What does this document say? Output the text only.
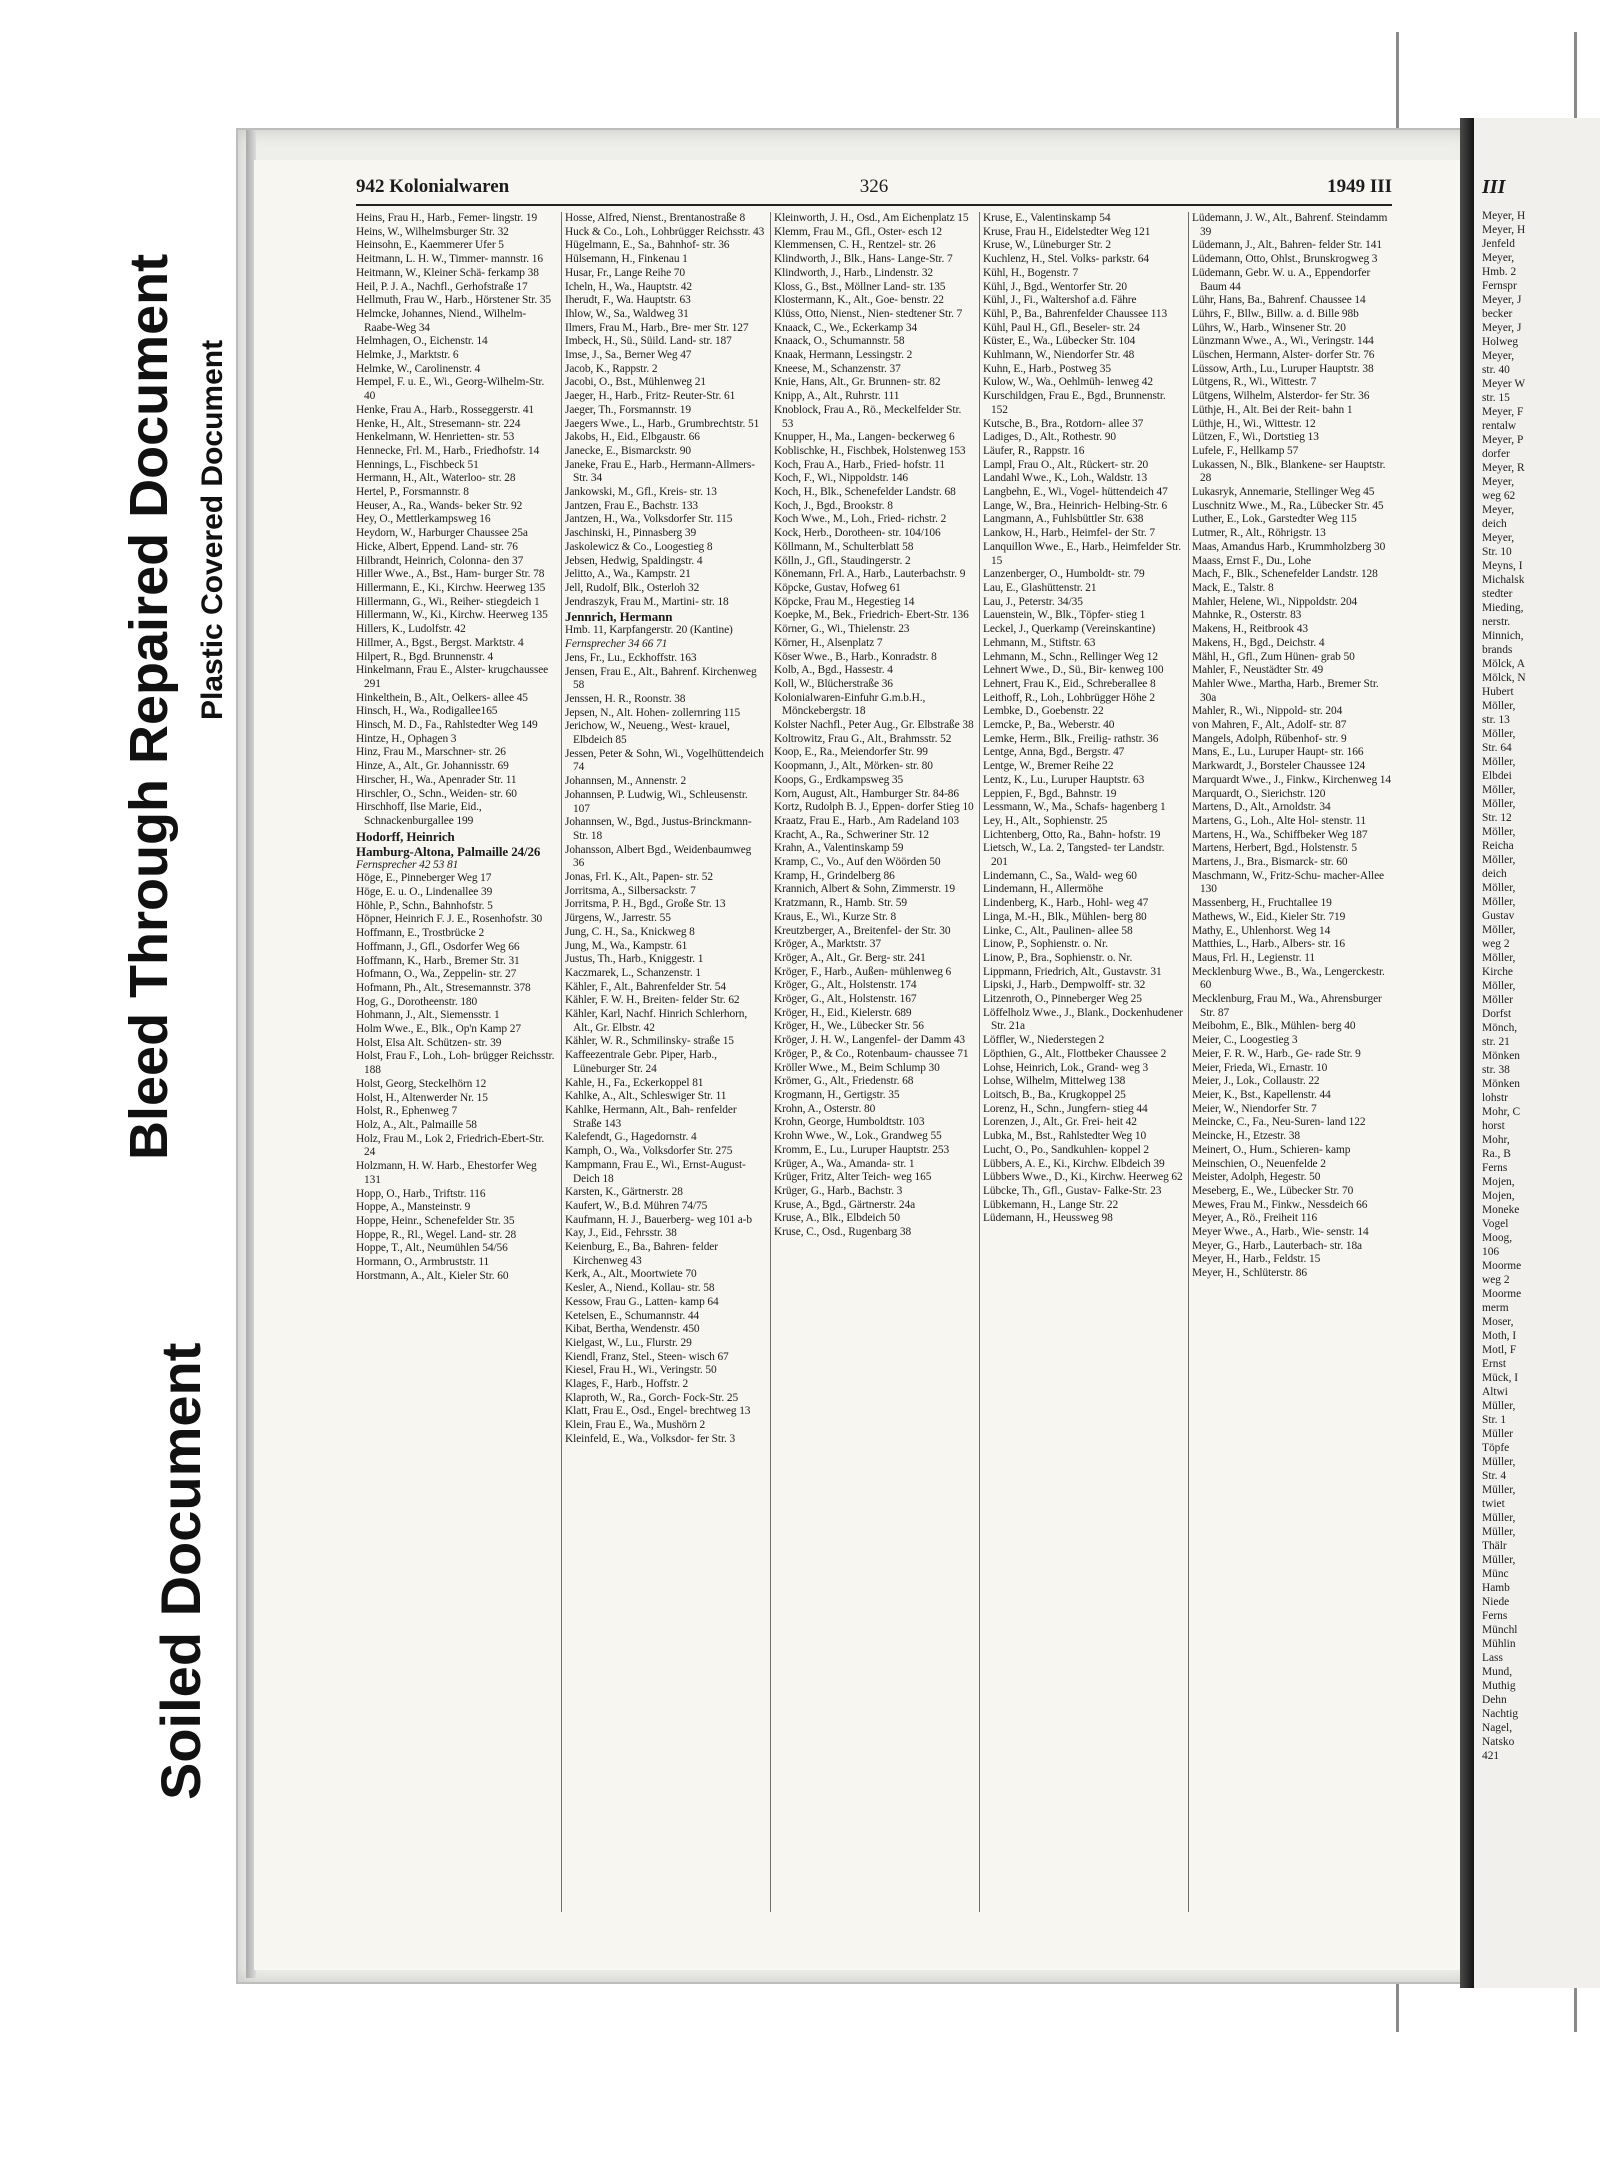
Soiled Document
Bleed Through Repaired Document Plastic Covered Document
III
Meyer, H
Meyer, H
Jenfeld
Meyer,
Hmb. 2
Fernspr
Meyer, J
becker
Meyer, J
Holweg
Meyer,
str. 40
Meyer W
str. 15
Meyer, F
rentalw
Meyer, P
dorfer
Meyer, R
Meyer,
weg 62
Meyer,
deich
Meyer,
Str. 10
Meyns, I
Michalsk
stedter
Mieding,
nerstr.
Minnich,
brands
Mölck, A
Mölck, N
Hubert
Möller,
str. 13
Möller,
Str. 64
Möller,
Elbdei
Möller,
Möller,
Str. 12
Möller,
Reicha
Möller,
deich
Möller,
Möller,
Gustav
Möller,
weg 2
Möller,
Kirche
Möller,
Möller
Dorfst
Mönch,
str. 21
Mönken
str. 38
Mönken
lohstr
Mohr, C
horst
Mohr,
Ra., B
Ferns
Mojen,
Mojen,
Moneke
Vogel
Moog,
106
Moorme
weg 2
Moorme
merm
Moser,
Moth, I
Motl, F
Ernst
Mück, I
Altwi
Müller,
Str. 1
Müller
Töpfe
Müller,
Str. 4
Müller,
twiet
Müller,
Müller,
Thälr
Müller,
Münc
Hamb
Niede
Ferns
Münchl
Mühlin
Lass
Mund,
Muthig
Dehn
Nachtig
Nagel,
Natsko
421
942 Kolonialwaren	326	1949 III
Heins, Frau H., Harb., Femer- lingstr. 19
Heins, W., Wilhelmsburger Str. 32
Heinsohn, E., Kaemmerer Ufer 5
Heitmann, L. H. W., Timmer- mannstr. 16
Heitmann, W., Kleiner Schä- ferkamp 38
Heil, P. J. A., Nachfl., Gerhofstraße 17
Hellmuth, Frau W., Harb., Hörstener Str. 35
Helmcke, Johannes, Niend., Wilhelm-Raabe-Weg 34
Helmhagen, O., Eichenstr. 14
Helmke, J., Marktstr. 6
Helmke, W., Carolinenstr. 4
Hempel, F. u. E., Wi., Georg-Wilhelm-Str. 40
Henke, Frau A., Harb., Rosseggerstr. 41
Henke, H., Alt., Stresemann- str. 224
Henkelmann, W. Henrietten- str. 53
Hennecke, Frl. M., Harb., Friedhofstr. 14
Hennings, L., Fischbeck 51
Hermann, H., Alt., Waterloo- str. 28
Hertel, P., Forsmannstr. 8
Heuser, A., Ra., Wands- beker Str. 92
Hey, O., Mettlerkampsweg 16
Heydorn, W., Harburger Chaussee 25a
Hicke, Albert, Eppend. Land- str. 76
Hilbrandt, Heinrich, Colonna- den 37
Hiller Wwe., A., Bst., Ham- burger Str. 78
Hillermann, E., Ki., Kirchw. Heerweg 135
Hillermann, G., Wi., Reiher- stiegdeich 1
Hillermann, W., Ki., Kirchw. Heerweg 135
Hillers, K., Ludolfstr. 42
Hillmer, A., Bgst., Bergst. Marktstr. 4
Hilpert, R., Bgd. Brunnenstr. 4
Hinkelmann, Frau E., Alster- krugchaussee 291
Hinkelthein, B., Alt., Oelkers- allee 45
Hinsch, H., Wa., Rodigallee165
Hinsch, M. D., Fa., Rahlstedter Weg 149
Hintze, H., Ophagen 3
Hinz, Frau M., Marschner- str. 26
Hinze, A., Alt., Gr. Johannisstr. 69
Hirscher, H., Wa., Apenrader Str. 11
Hirschler, O., Schn., Weiden- str. 60
Hirschhoff, Ilse Marie, Eid., Schnackenburgallee 199
Hodorff, Heinrich
Hamburg-Altona, Palmaille 24/26
Fernsprecher 42 53 81
Höge, E., Pinneberger Weg 17
Höge, E. u. O., Lindenallee 39
Höhle, P., Schn., Bahnhofstr. 5
Höpner, Heinrich F. J. E., Rosenhofstr. 30
Hoffmann, E., Trostbrücke 2
Hoffmann, J., Gfl., Osdorfer Weg 66
Hoffmann, K., Harb., Bremer Str. 31
Hofmann, O., Wa., Zeppelin- str. 27
Hofmann, Ph., Alt., Stresemannstr. 378
Hog, G., Dorotheenstr. 180
Hohmann, J., Alt., Siemensstr. 1
Holm Wwe., E., Blk., Op'n Kamp 27
Holst, Elsa Alt. Schützen- str. 39
Holst, Frau F., Loh., Loh- brügger Reichsstr. 188
Holst, Georg, Steckelhörn 12
Holst, H., Altenwerder Nr. 15
Holst, R., Ephenweg 7
Holz, A., Alt., Palmaille 58
Holz, Frau M., Lok 2, Friedrich-Ebert-Str. 24
Holzmann, H. W. Harb., Ehestorfer Weg 131
Hopp, O., Harb., Triftstr. 116
Hoppe, A., Mansteinstr. 9
Hoppe, Heinr., Schenefelder Str. 35
Hoppe, R., Rl., Wegel. Land- str. 28
Hoppe, T., Alt., Neumühlen 54/56
Hormann, O., Armbruststr. 11
Horstmann, A., Alt., Kieler Str. 60
Hosse, Alfred, Nienst., Brentanostraße 8
Huck & Co., Loh., Lohbrügger Reichsstr. 43
Hügelmann, E., Sa., Bahnhof- str. 36
Hülsemann, H., Finkenau 1
Husar, Fr., Lange Reihe 70
Icheln, H., Wa., Hauptstr. 42
Iherudt, F., Wa. Hauptstr. 63
Ihlow, W., Sa., Waldweg 31
Ilmers, Frau M., Harb., Bre- mer Str. 127
Imbeck, H., Sü., Süild. Land- str. 187
Imse, J., Sa., Berner Weg 47
Jacob, K., Rappstr. 2
Jacobi, O., Bst., Mühlenweg 21
Jaeger, H., Harb., Fritz- Reuter-Str. 61
Jaeger, Th., Forsmannstr. 19
Jaegers Wwe., L., Harb., Grumbrechtstr. 51
Jakobs, H., Eid., Elbgaustr. 66
Janecke, E., Bismarckstr. 90
Janeke, Frau E., Harb., Hermann-Allmers-Str. 34
Jankowski, M., Gfl., Kreis- str. 13
Jantzen, Frau E., Bachstr. 133
Jantzen, H., Wa., Volksdorfer Str. 115
Jaschinski, H., Pinnasberg 39
Jaskolewicz & Co., Loogestieg 8
Jebsen, Hedwig, Spaldingstr. 4
Jelitto, A., Wa., Kampstr. 21
Jell, Rudolf, Blk., Osterloh 32
Jendraszyk, Frau M., Martini- str. 18
Jennrich, Hermann
Hmb. 11, Karpfangerstr. 20 (Kantine)
Fernsprecher 34 66 71
Jens, Fr., Lu., Eckhoffstr. 163
Jensen, Frau E., Alt., Bahrenf. Kirchenweg 58
Jenssen, H. R., Roonstr. 38
Jepsen, N., Alt. Hohen- zollernring 115
Jerichow, W., Neueng., West- krauel, Elbdeich 85
Jessen, Peter & Sohn, Wi., Vogelhüttendeich 74
Johannsen, M., Annenstr. 2
Johannsen, P. Ludwig, Wi., Schleusenstr. 107
Johannsen, W., Bgd., Justus-Brinckmann-Str. 18
Johansson, Albert Bgd., Weidenbaumweg 36
Jonas, Frl. K., Alt., Papen- str. 52
Jorritsma, A., Silbersackstr. 7
Jorritsma, P. H., Bgd., Große Str. 13
Jürgens, W., Jarrestr. 55
Jung, C. H., Sa., Knickweg 8
Jung, M., Wa., Kampstr. 61
Justus, Th., Harb., Kniggestr. 1
Kaczmarek, L., Schanzenstr. 1
Kähler, F., Alt., Bahrenfelder Str. 54
Kähler, F. W. H., Breiten- felder Str. 62
Kähler, Karl, Nachf. Hinrich Schlerhorn, Alt., Gr. Elbstr. 42
Kähler, W. R., Schmilinsky- straße 15
Kaffeezentrale Gebr. Piper, Harb., Lüneburger Str. 24
Kahle, H., Fa., Eckerkoppel 81
Kahlke, A., Alt., Schleswiger Str. 11
Kahlke, Hermann, Alt., Bah- renfelder Straße 143
Kalefendt, G., Hagedornstr. 4
Kamph, O., Wa., Volksdorfer Str. 275
Kampmann, Frau E., Wi., Ernst-August-Deich 18
Karsten, K., Gärtnerstr. 28
Kaufert, W., B.d. Mühren 74/75
Kaufmann, H. J., Bauerberg- weg 101 a-b
Kay, J., Eid., Fehrsstr. 38
Keienburg, E., Ba., Bahren- felder Kirchenweg 43
Kerk, A., Alt., Moortwiete 70
Kesler, A., Niend., Kollau- str. 58
Kessow, Frau G., Latten- kamp 64
Ketelsen, E., Schumannstr. 44
Kibat, Bertha, Wendenstr. 450
Kielgast, W., Lu., Flurstr. 29
Kiendl, Franz, Stel., Steen- wisch 67
Kiesel, Frau H., Wi., Veringstr. 50
Klages, F., Harb., Hoffstr. 2
Klaproth, W., Ra., Gorch- Fock-Str. 25
Klatt, Frau E., Osd., Engel- brechtweg 13
Klein, Frau E., Wa., Mushörn 2
Kleinfeld, E., Wa., Volksdor- fer Str. 3
Kleinworth, J. H., Osd., Am Eichenplatz 15
Klemm, Frau M., Gfl., Oster- esch 12
Klemmensen, C. H., Rentzel- str. 26
Klindworth, J., Blk., Hans- Lange-Str. 7
Klindworth, J., Harb., Lindenstr. 32
Kloss, G., Bst., Möllner Land- str. 135
Klostermann, K., Alt., Goe- benstr. 22
Klüss, Otto, Nienst., Nien- stedtener Str. 7
Knaack, C., We., Eckerkamp 34
Knaack, O., Schumannstr. 58
Knaak, Hermann, Lessingstr. 2
Kneese, M., Schanzenstr. 37
Knie, Hans, Alt., Gr. Brunnen- str. 82
Knipp, A., Alt., Ruhrstr. 111
Knoblock, Frau A., Rö., Meckelfelder Str. 53
Knupper, H., Ma., Langen- beckerweg 6
Koblischke, H., Fischbek, Holstenweg 153
Koch, Frau A., Harb., Fried- hofstr. 11
Koch, F., Wi., Nippoldstr. 146
Koch, H., Blk., Schenefelder Landstr. 68
Koch, J., Bgd., Brookstr. 8
Koch Wwe., M., Loh., Fried- richstr. 2
Kock, Herb., Dorotheen- str. 104/106
Köllmann, M., Schulterblatt 58
Kölln, J., Gfl., Staudingerstr. 2
Könemann, Frl. A., Harb., Lauterbachstr. 9
Köpcke, Gustav, Hofweg 61
Köpcke, Frau M., Hegestieg 14
Koepke, M., Bek., Friedrich- Ebert-Str. 136
Körner, G., Wi., Thielenstr. 23
Körner, H., Alsenplatz 7
Köser Wwe., B., Harb., Konradstr. 8
Kolb, A., Bgd., Hassestr. 4
Koll, W., Blücherstraße 36
Kolonialwaren-Einfuhr G.m.b.H., Mönckebergstr. 18
Kolster Nachfl., Peter Aug., Gr. Elbstraße 38
Koltrowitz, Frau G., Alt., Brahmsstr. 52
Koop, E., Ra., Meiendorfer Str. 99
Koopmann, J., Alt., Mörken- str. 80
Koops, G., Erdkampsweg 35
Korn, August, Alt., Hamburger Str. 84-86
Kortz, Rudolph B. J., Eppen- dorfer Stieg 10
Kraatz, Frau E., Harb., Am Radeland 103
Kracht, A., Ra., Schweriner Str. 12
Krahn, A., Valentinskamp 59
Kramp, C., Vo., Auf den Wöörden 50
Kramp, H., Grindelberg 86
Krannich, Albert & Sohn, Zimmerstr. 19
Kratzmann, R., Hamb. Str. 59
Kraus, E., Wi., Kurze Str. 8
Kreutzberger, A., Breitenfel- der Str. 30
Kröger, A., Marktstr. 37
Kröger, A., Alt., Gr. Berg- str. 241
Kröger, F., Harb., Außen- mühlenweg 6
Kröger, G., Alt., Holstenstr. 174
Kröger, G., Alt., Holstenstr. 167
Kröger, H., Eid., Kielerstr. 689
Kröger, H., We., Lübecker Str. 56
Kröger, J. H. W., Langenfel- der Damm 43
Kröger, P., & Co., Rotenbaum- chaussee 71
Kröller Wwe., M., Beim Schlump 30
Krömer, G., Alt., Friedenstr. 68
Krogmann, H., Gertigstr. 35
Krohn, A., Osterstr. 80
Krohn, George, Humboldtstr. 103
Krohn Wwe., W., Lok., Grandweg 55
Kromm, E., Lu., Luruper Hauptstr. 253
Krüger, A., Wa., Amanda- str. 1
Krüger, Fritz, Alter Teich- weg 165
Krüger, G., Harb., Bachstr. 3
Kruse, A., Bgd., Gärtnerstr. 24a
Kruse, A., Blk., Elbdeich 50
Kruse, C., Osd., Rugenbarg 38
Kruse, E., Valentinskamp 54
Kruse, Frau H., Eidelstedter Weg 121
Kruse, W., Lüneburger Str. 2
Kuchlenz, H., Stel. Volks- parkstr. 64
Kühl, H., Bogenstr. 7
Kühl, J., Bgd., Wentorfer Str. 20
Kühl, J., Fi., Waltershof a.d. Fähre
Kühl, P., Ba., Bahrenfelder Chaussee 113
Kühl, Paul H., Gfl., Beseler- str. 24
Küster, E., Wa., Lübecker Str. 104
Kuhlmann, W., Niendorfer Str. 48
Kuhn, E., Harb., Postweg 35
Kulow, W., Wa., Oehlmüh- lenweg 42
Kurschildgen, Frau E., Bgd., Brunnenstr. 152
Kutsche, B., Bra., Rotdorn- allee 37
Ladiges, D., Alt., Rothestr. 90
Läufer, R., Rappstr. 16
Lampl, Frau O., Alt., Rückert- str. 20
Landahl Wwe., K., Loh., Waldstr. 13
Langbehn, E., Wi., Vogel- hüttendeich 47
Lange, W., Bra., Heinrich- Helbing-Str. 6
Langmann, A., Fuhlsbüttler Str. 638
Lankow, H., Harb., Heimfel- der Str. 7
Lanquillon Wwe., E., Harb., Heimfelder Str. 15
Lanzenberger, O., Humboldt- str. 79
Lau, E., Glashüttenstr. 21
Lau, J., Peterstr. 34/35
Lauenstein, W., Blk., Töpfer- stieg 1
Leckel, J., Querkamp (Vereinskantine)
Lehmann, M., Stiftstr. 63
Lehmann, M., Schn., Rellinger Weg 12
Lehnert Wwe., D., Sü., Bir- kenweg 100
Lehnert, Frau K., Eid., Schreberallee 8
Leithoff, R., Loh., Lohbrügger Höhe 2
Lembke, D., Goebenstr. 22
Lemcke, P., Ba., Weberstr. 40
Lemke, Herm., Blk., Freilig- rathstr. 36
Lentge, Anna, Bgd., Bergstr. 47
Lentge, W., Bremer Reihe 22
Lentz, K., Lu., Luruper Hauptstr. 63
Leppien, F., Bgd., Bahnstr. 19
Lessmann, W., Ma., Schafs- hagenberg 1
Ley, H., Alt., Sophienstr. 25
Lichtenberg, Otto, Ra., Bahn- hofstr. 19
Lietsch, W., La. 2, Tangsted- ter Landstr. 201
Lindemann, C., Sa., Wald- weg 60
Lindemann, H., Allermöhe
Lindenberg, K., Harb., Hohl- weg 47
Linga, M.-H., Blk., Mühlen- berg 80
Linke, C., Alt., Paulinen- allee 58
Linow, P., Sophienstr. o. Nr.
Linow, P., Bra., Sophienstr. o. Nr.
Lippmann, Friedrich, Alt., Gustavstr. 31
Lipski, J., Harb., Dempwolff- str. 32
Litzenroth, O., Pinneberger Weg 25
Löffelholz Wwe., J., Blank., Dockenhudener Str. 21a
Löffler, W., Niederstegen 2
Löpthien, G., Alt., Flottbeker Chaussee 2
Lohse, Heinrich, Lok., Grand- weg 3
Lohse, Wilhelm, Mittelweg 138
Loitsch, B., Ba., Krugkoppel 25
Lorenz, H., Schn., Jungfern- stieg 44
Lorenzen, J., Alt., Gr. Frei- heit 42
Lubka, M., Bst., Rahlstedter Weg 10
Lucht, O., Po., Sandkuhlen- koppel 2
Lübbers, A. E., Ki., Kirchw. Elbdeich 39
Lübbers Wwe., D., Ki., Kirchw. Heerweg 62
Lübcke, Th., Gfl., Gustav- Falke-Str. 23
Lübkemann, H., Lange Str. 22
Lüdemann, H., Heussweg 98
Lüdemann, J. W., Alt., Bahrenf. Steindamm 39
Lüdemann, J., Alt., Bahren- felder Str. 141
Lüdemann, Otto, Ohlst., Brunskrogweg 3
Lüdemann, Gebr. W. u. A., Eppendorfer Baum 44
Lühr, Hans, Ba., Bahrenf. Chaussee 14
Lührs, F., Bllw., Billw. a. d. Bille 98b
Lührs, W., Harb., Winsener Str. 20
Lünzmann Wwe., A., Wi., Veringstr. 144
Lüschen, Hermann, Alster- dorfer Str. 76
Lüssow, Arth., Lu., Luruper Hauptstr. 38
Lütgens, R., Wi., Wittestr. 7
Lütgens, Wilhelm, Alsterdor- fer Str. 36
Lüthje, H., Alt. Bei der Reit- bahn 1
Lüthje, H., Wi., Wittestr. 12
Lützen, F., Wi., Dortstieg 13
Lufele, F., Hellkamp 57
Lukassen, N., Blk., Blankene- ser Hauptstr. 28
Lukasryk, Annemarie, Stellinger Weg 45
Luschnitz Wwe., M., Ra., Lübecker Str. 45
Luther, E., Lok., Garstedter Weg 115
Lutmer, R., Alt., Röhrigstr. 13
Maas, Amandus Harb., Krummholzberg 30
Maass, Ernst F., Du., Lohe
Mach, F., Blk., Schenefelder Landstr. 128
Mack, E., Talstr. 8
Mahler, Helene, Wi., Nippoldstr. 204
Mahnke, R., Osterstr. 83
Makens, H., Reitbrook 43
Makens, H., Bgd., Deichstr. 4
Mähl, H., Gfl., Zum Hünen- grab 50
Mahler, F., Neustädter Str. 49
Mahler Wwe., Martha, Harb., Bremer Str. 30a
Mahler, R., Wi., Nippold- str. 204
von Mahren, F., Alt., Adolf- str. 87
Mangels, Adolph, Rübenhof- str. 9
Mans, E., Lu., Luruper Haupt- str. 166
Markwardt, J., Borsteler Chaussee 124
Marquardt Wwe., J., Finkw., Kirchenweg 14
Marquardt, O., Sierichstr. 120
Martens, D., Alt., Arnoldstr. 34
Martens, G., Loh., Alte Hol- stenstr. 11
Martens, H., Wa., Schiffbeker Weg 187
Martens, Herbert, Bgd., Holstenstr. 5
Martens, J., Bra., Bismarck- str. 60
Maschmann, W., Fritz-Schu- macher-Allee 130
Massenberg, H., Fruchtallee 19
Mathews, W., Eid., Kieler Str. 719
Mathy, E., Uhlenhorst. Weg 14
Matthies, L., Harb., Albers- str. 16
Maus, Frl. H., Legienstr. 11
Mecklenburg Wwe., B., Wa., Lengerckestr. 60
Mecklenburg, Frau M., Wa., Ahrensburger Str. 87
Meibohm, E., Blk., Mühlen- berg 40
Meier, C., Loogestieg 3
Meier, F. R. W., Harb., Ge- rade Str. 9
Meier, Frieda, Wi., Ernastr. 10
Meier, J., Lok., Collaustr. 22
Meier, K., Bst., Kapellenstr. 44
Meier, W., Niendorfer Str. 7
Meincke, C., Fa., Neu-Suren- land 122
Meincke, H., Etzestr. 38
Meinert, O., Hum., Schieren- kamp
Meinschien, O., Neuenfelde 2
Meister, Adolph, Hegestr. 50
Meseberg, E., We., Lübecker Str. 70
Mewes, Frau M., Finkw., Nessdeich 66
Meyer, A., Rö., Freiheit 116
Meyer Wwe., A., Harb., Wie- senstr. 14
Meyer, G., Harb., Lauterbach- str. 18a
Meyer, H., Harb., Feldstr. 15
Meyer, H., Schlüterstr. 86
